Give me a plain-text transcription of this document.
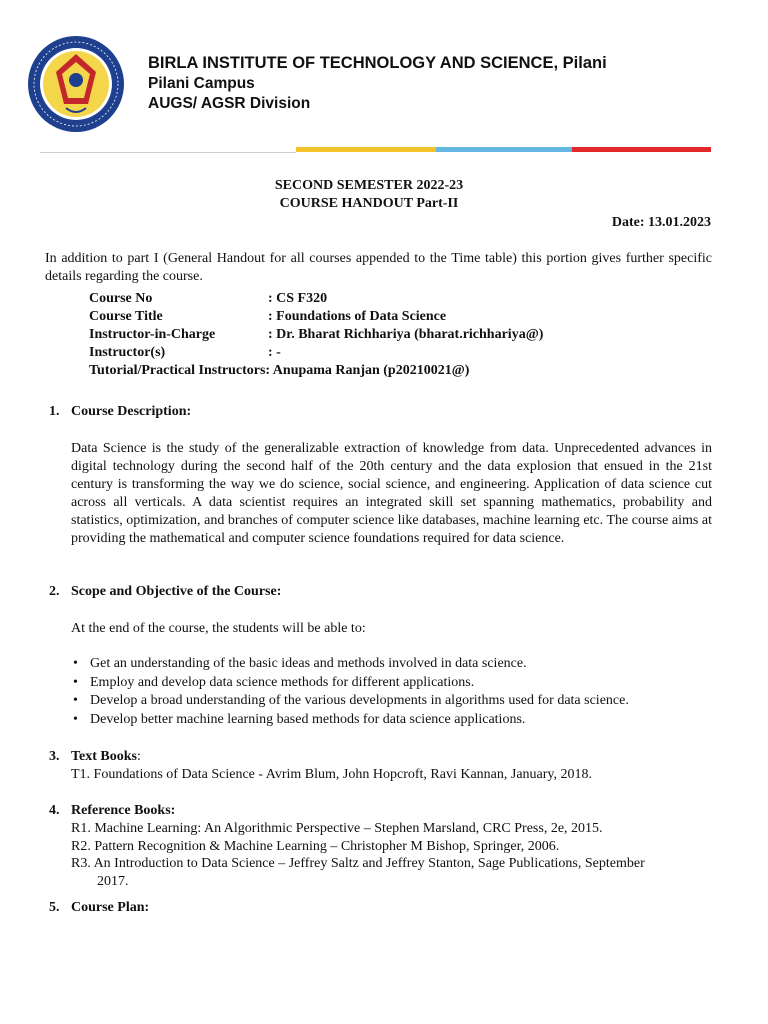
BIRLA INSTITUTE OF TECHNOLOGY AND SCIENCE, Pilani
Pilani Campus
AUGS/ AGSR Division
SECOND SEMESTER 2022-23
COURSE HANDOUT Part-II
Date: 13.01.2023
In addition to part I (General Handout for all courses appended to the Time table) this portion gives further specific details regarding the course.
Course No	: CS F320
Course Title	: Foundations of Data Science
Instructor-in-Charge	: Dr. Bharat Richhariya (bharat.richhariya@)
Instructor(s)	: -
Tutorial/Practical Instructors: Anupama Ranjan (p20210021@)
1. Course Description:
Data Science is the study of the generalizable extraction of knowledge from data. Unprecedented advances in digital technology during the second half of the 20th century and the data explosion that ensued in the 21st century is transforming the way we do science, social science, and engineering. Application of data science cut across all verticals. A data scientist requires an integrated skill set spanning mathematics, probability and statistics, optimization, and branches of computer science like databases, machine learning etc. The course aims at providing the mathematical and computer science foundations required for data science.
2. Scope and Objective of the Course:
At the end of the course, the students will be able to:
• Get an understanding of the basic ideas and methods involved in data science.
• Employ and develop data science methods for different applications.
• Develop a broad understanding of the various developments in algorithms used for data science.
• Develop better machine learning based methods for data science applications.
3. Text Books:
T1. Foundations of Data Science - Avrim Blum, John Hopcroft, Ravi Kannan, January, 2018.
4. Reference Books:
R1. Machine Learning: An Algorithmic Perspective – Stephen Marsland, CRC Press, 2e, 2015.
R2. Pattern Recognition & Machine Learning – Christopher M Bishop, Springer, 2006.
R3. An Introduction to Data Science – Jeffrey Saltz and Jeffrey Stanton, Sage Publications, September
2017.
5. Course Plan:
